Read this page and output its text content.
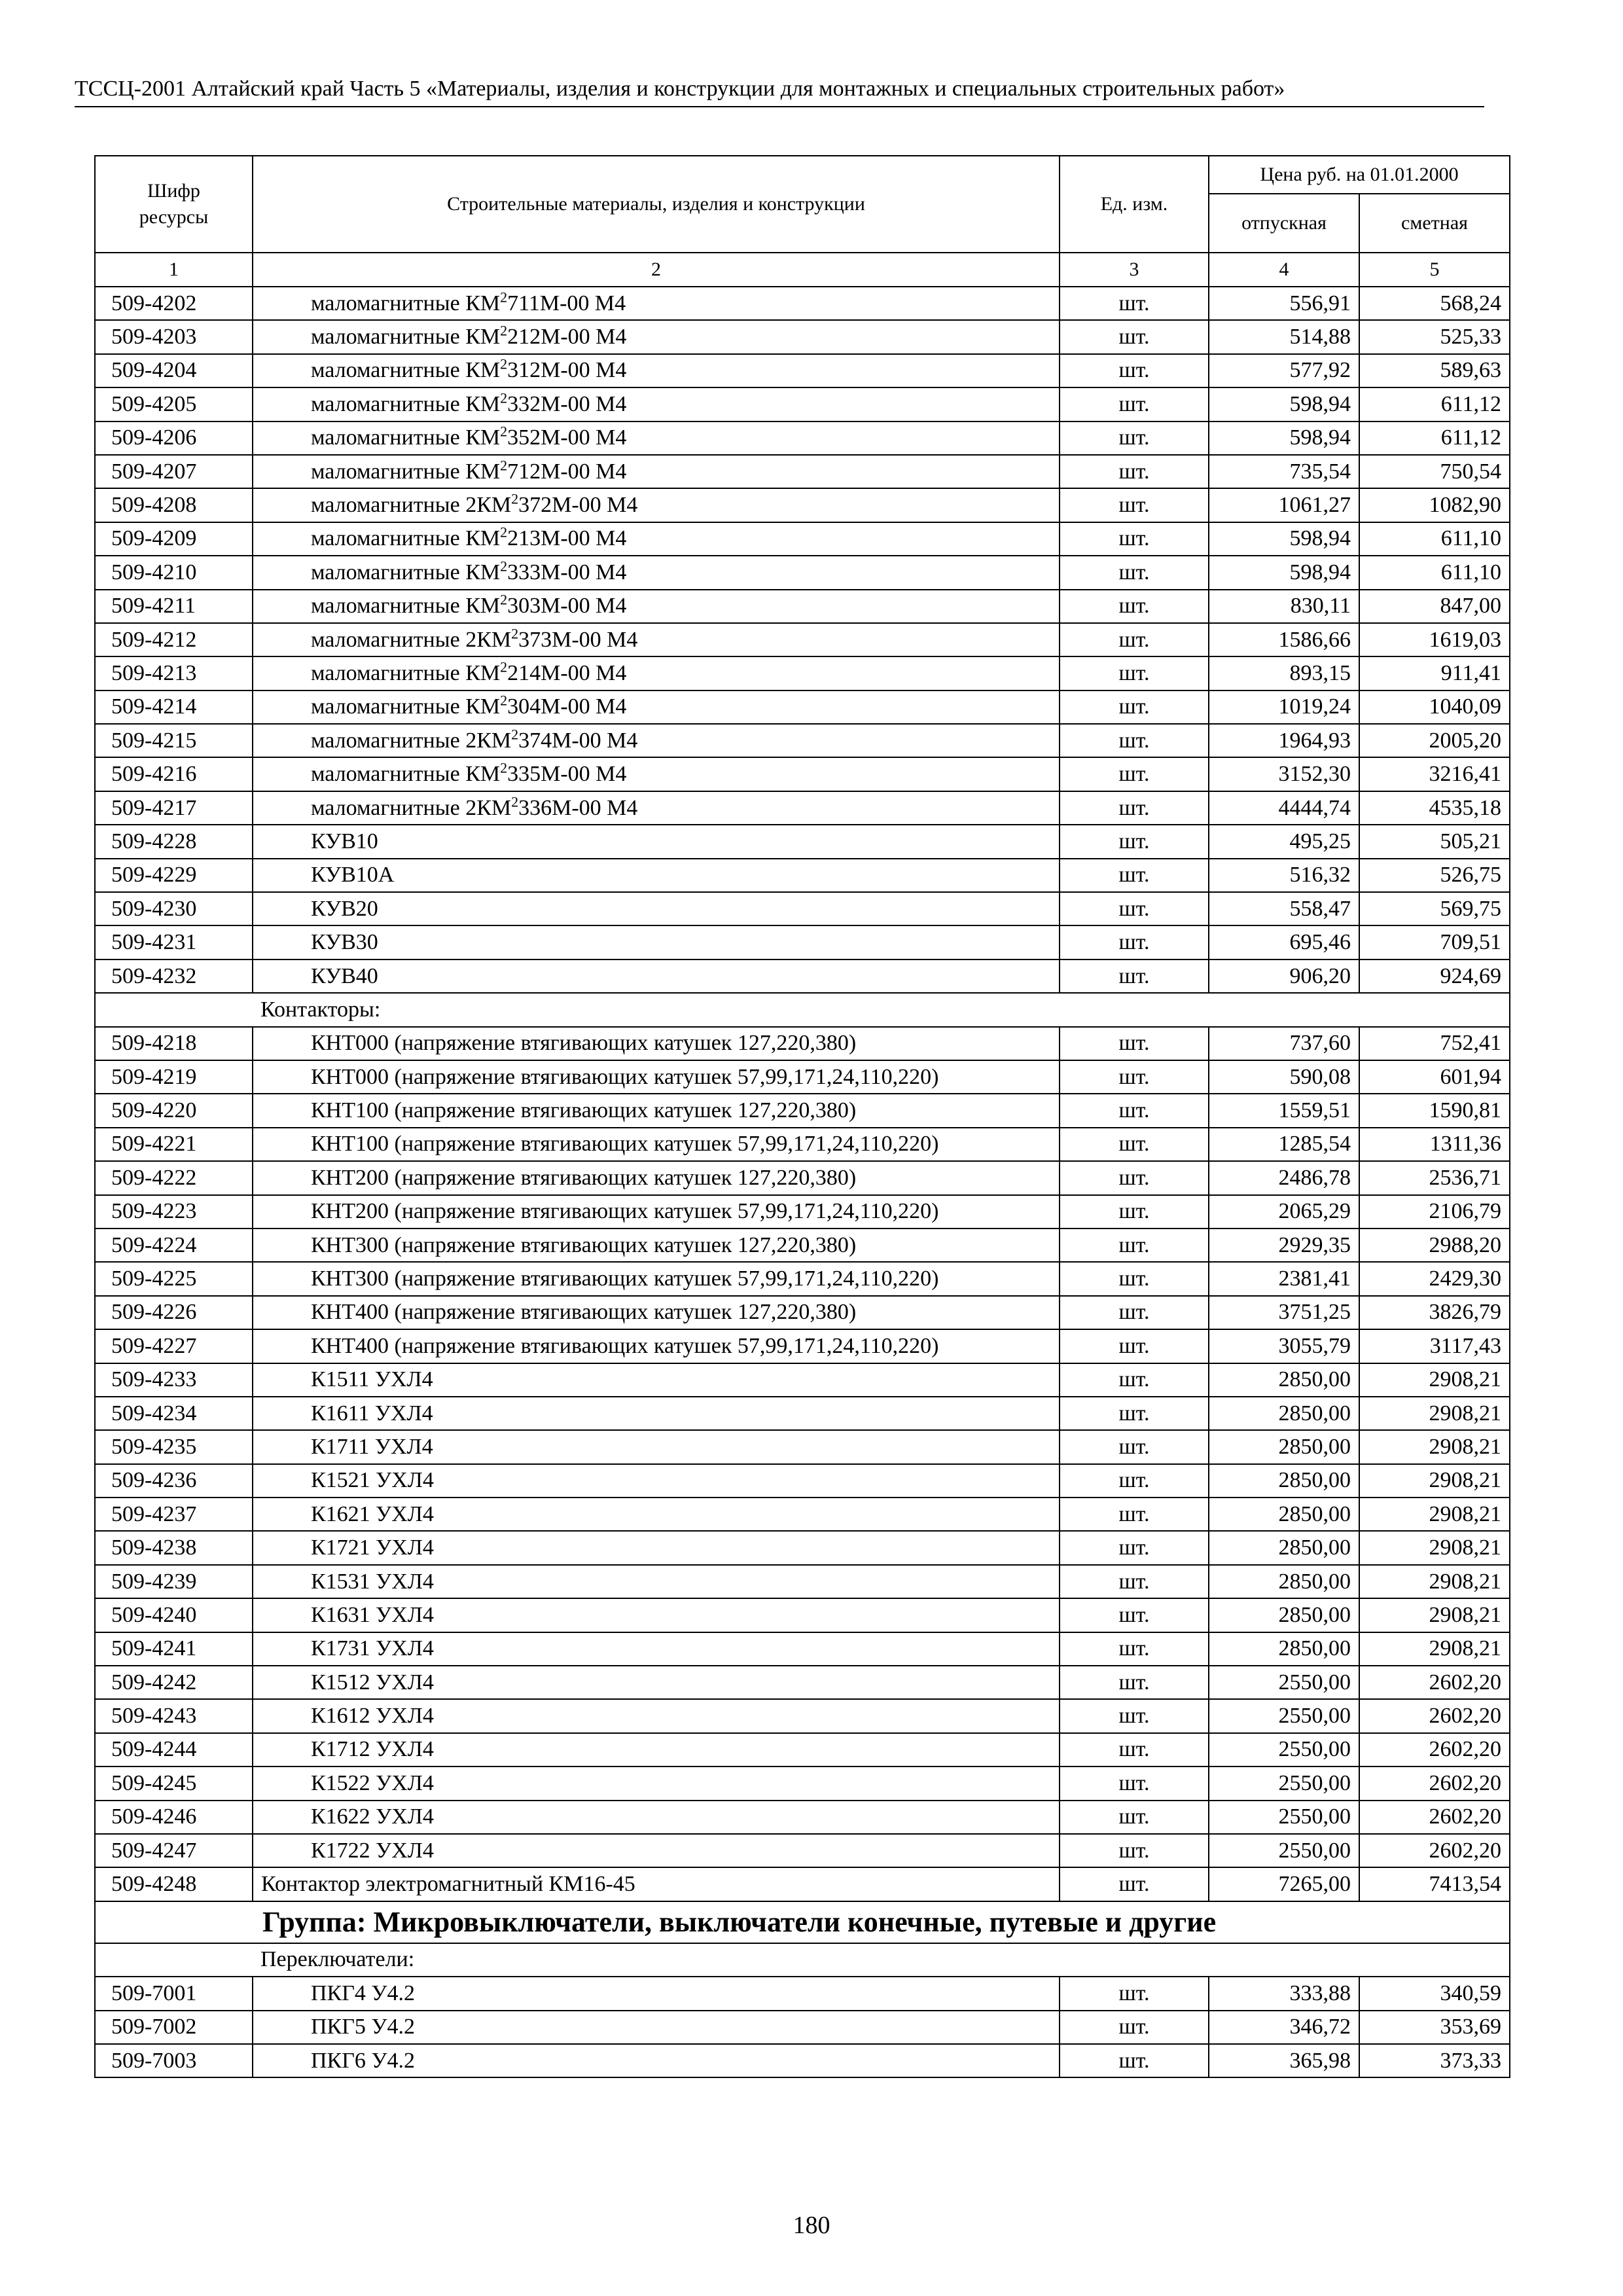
ТССЦ-2001 Алтайский край Часть 5 «Материалы, изделия и конструкции для монтажных и специальных строительных работ»
Шифр ресурсы	Строительные материалы, изделия и конструкции	Ед. изм.	Цена руб. на 01.01.2000	
			отпускная	сметная
1	2	3	4	5
509-4202	маломагнитные $КМ^2711М-00$ М4	шт.	556,91	568,24
509-4203	маломагнитные $КМ^2212М-00$ М4	шт.	514,88	525,33
509-4204	маломагнитные $КМ^2312М-00$ М4	шт.	577,92	589,63
509-4205	маломагнитные $КМ^2332М-00$ М4	шт.	598,94	611,12
509-4206	маломагнитные $КМ^2352М-00$ М4	шт.	598,94	611,12
509-4207	маломагнитные $КМ^2712М-00$ М4	шт.	735,54	750,54
509-4208	маломагнитные $2КМ^2372М-00$ М4	шт.	1061,27	1082,90
509-4209	маломагнитные $КМ^2213М-00$ М4	шт.	598,94	611,10
509-4210	маломагнитные $КМ^2333М-00$ М4	шт.	598,94	611,10
509-4211	маломагнитные $КМ^2303М-00$ М4	шт.	830,11	847,00
509-4212	маломагнитные $2КМ^2373М-00$ М4	шт.	1586,66	1619,03
509-4213	маломагнитные $КМ^2214М-00$ М4	шт.	893,15	911,41
509-4214	маломагнитные $КМ^2304М-00$ М4	шт.	1019,24	1040,09
509-4215	маломагнитные $2КМ^2374М-00$ М4	шт.	1964,93	2005,20
509-4216	маломагнитные $КМ^2335М-00$ М4	шт.	3152,30	3216,41
509-4217	маломагнитные $2КМ^2336М-00$ М4	шт.	4444,74	4535,18
509-4228	КУВ10	шт.	495,25	505,21
509-4229	КУВ10А	шт.	516,32	526,75
509-4230	КУВ20	шт.	558,47	569,75
509-4231	КУВ30	шт.	695,46	709,51
509-4232	КУВ40	шт.	906,20	924,69
	Контакторы:			
509-4218	КНТ000 (напряжение втягивающих катушек 127,220,380)	шт.	737,60	752,41
509-4219	КНТ000 (напряжение втягивающих катушек 57,99,171,24,110,220)	шт.	590,08	601,94
509-4220	КНТ100 (напряжение втягивающих катушек 127,220,380)	шт.	1559,51	1590,81
509-4221	КНТ100 (напряжение втягивающих катушек 57,99,171,24,110,220)	шт.	1285,54	1311,36
509-4222	КНТ200 (напряжение втягивающих катушек 127,220,380)	шт.	2486,78	2536,71
509-4223	КНТ200 (напряжение втягивающих катушек 57,99,171,24,110,220)	шт.	2065,29	2106,79
509-4224	КНТ300 (напряжение втягивающих катушек 127,220,380)	шт.	2929,35	2988,20
509-4225	КНТ300 (напряжение втягивающих катушек 57,99,171,24,110,220)	шт.	2381,41	2429,30
509-4226	КНТ400 (напряжение втягивающих катушек 127,220,380)	шт.	3751,25	3826,79
509-4227	КНТ400 (напряжение втягивающих катушек 57,99,171,24,110,220)	шт.	3055,79	3117,43
509-4233	К1511 УХЛ4	шт.	2850,00	2908,21
509-4234	К1611 УХЛ4	шт.	2850,00	2908,21
509-4235	К1711 УХЛ4	шт.	2850,00	2908,21
509-4236	К1521 УХЛ4	шт.	2850,00	2908,21
509-4237	К1621 УХЛ4	шт.	2850,00	2908,21
509-4238	К1721 УХЛ4	шт.	2850,00	2908,21
509-4239	К1531 УХЛ4	шт.	2850,00	2908,21
509-4240	К1631 УХЛ4	шт.	2850,00	2908,21
509-4241	К1731 УХЛ4	шт.	2850,00	2908,21
509-4242	К1512 УХЛ4	шт.	2550,00	2602,20
509-4243	К1612 УХЛ4	шт.	2550,00	2602,20
509-4244	К1712 УХЛ4	шт.	2550,00	2602,20
509-4245	К1522 УХЛ4	шт.	2550,00	2602,20
509-4246	К1622 УХЛ4	шт.	2550,00	2602,20
509-4247	К1722 УХЛ4	шт.	2550,00	2602,20
509-4248	Контактор электромагнитный КМ16-45	шт.	7265,00	7413,54
Группа: Микровыключатели, выключатели конечные, путевые и другие				
	Переключатели:			
509-7001	ПКГ4 У4.2	шт.	333,88	340,59
509-7002	ПКГ5 У4.2	шт.	346,72	353,69
509-7003	ПКГ6 У4.2	шт.	365,98	373,33
180
